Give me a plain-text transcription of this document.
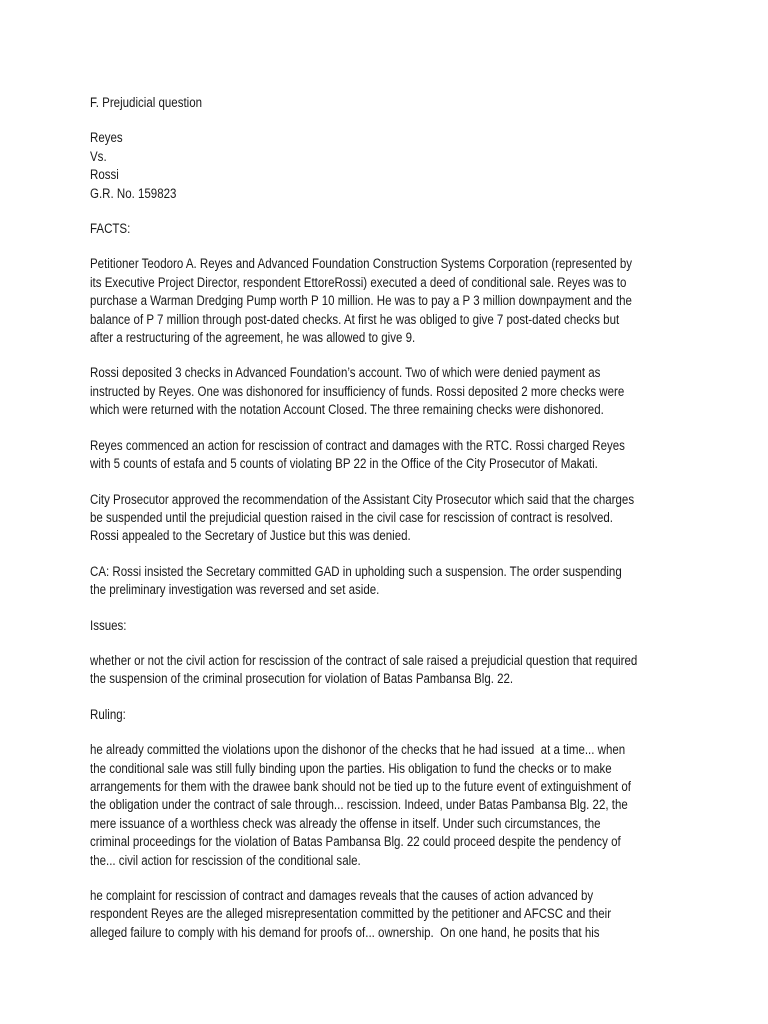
F. Prejudicial question

Reyes
Vs.
Rossi
G.R. No. 159823

FACTS:

Petitioner Teodoro A. Reyes and Advanced Foundation Construction Systems Corporation (represented by
its Executive Project Director, respondent EttoreRossi) executed a deed of conditional sale. Reyes was to
purchase a Warman Dredging Pump worth P 10 million. He was to pay a P 3 million downpayment and the
balance of P 7 million through post-dated checks. At first he was obliged to give 7 post-dated checks but
after a restructuring of the agreement, he was allowed to give 9.

Rossi deposited 3 checks in Advanced Foundation’s account. Two of which were denied payment as
instructed by Reyes. One was dishonored for insufficiency of funds. Rossi deposited 2 more checks were
which were returned with the notation Account Closed. The three remaining checks were dishonored.

Reyes commenced an action for rescission of contract and damages with the RTC. Rossi charged Reyes
with 5 counts of estafa and 5 counts of violating BP 22 in the Office of the City Prosecutor of Makati.

City Prosecutor approved the recommendation of the Assistant City Prosecutor which said that the charges
be suspended until the prejudicial question raised in the civil case for rescission of contract is resolved.
Rossi appealed to the Secretary of Justice but this was denied.

CA: Rossi insisted the Secretary committed GAD in upholding such a suspension. The order suspending
the preliminary investigation was reversed and set aside.

Issues:

whether or not the civil action for rescission of the contract of sale raised a prejudicial question that required
the suspension of the criminal prosecution for violation of Batas Pambansa Blg. 22.

Ruling:

he already committed the violations upon the dishonor of the checks that he had issued  at a time... when
the conditional sale was still fully binding upon the parties. His obligation to fund the checks or to make
arrangements for them with the drawee bank should not be tied up to the future event of extinguishment of
the obligation under the contract of sale through... rescission. Indeed, under Batas Pambansa Blg. 22, the
mere issuance of a worthless check was already the offense in itself. Under such circumstances, the
criminal proceedings for the violation of Batas Pambansa Blg. 22 could proceed despite the pendency of
the... civil action for rescission of the conditional sale.

he complaint for rescission of contract and damages reveals that the causes of action advanced by
respondent Reyes are the alleged misrepresentation committed by the petitioner and AFCSC and their
alleged failure to comply with his demand for proofs of... ownership.  On one hand, he posits that his
